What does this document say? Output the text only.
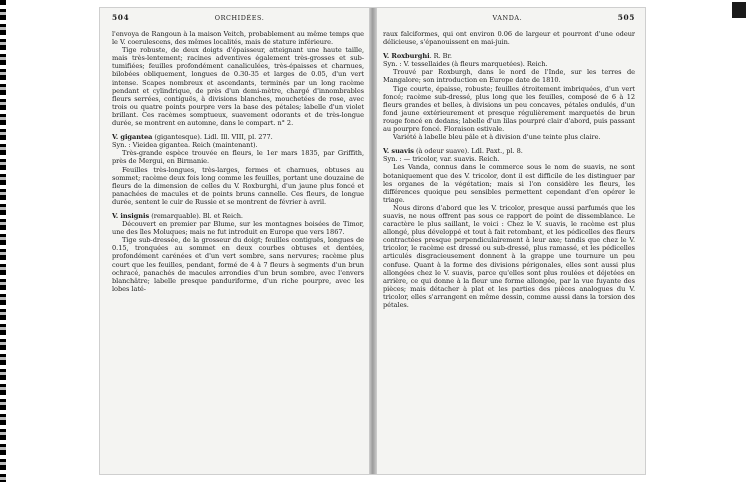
504	ORCHIDÉES.

l'envoya de Rangoun à la maison Veitch, probablement au même temps que le V. coerulescens, des mêmes localités, mais de stature inférieure.

Tige robuste, de deux doigts d'épaisseur, atteignant une haute taille, mais très-lentement; racines adventives également très-grosses et sub-tumifiées; feuilles profondément canaliculées, très-épaisses et charnues, bilobées obliquement, longues de 0.30-35 et larges de 0.05, d'un vert intense. Scapes nombreux et ascendants, terminés par un long racème pendant et cylindrique, de près d'un demi-mètre, chargé d'innombrables fleurs serrées, contiguës, à divisions blanches, mouchetées de rose, avec trois ou quatre points pourpre vers la base des pétales; labelle d'un violet brillant. Ces racèmes somptueux, suavement odorants et de très-longue durée, se montrent en automne, dans le compart. n° 2.

V. gigantea (gigantesque). Lidl. Ill. VIII, pl. 277.

Syn. : Vieidea gigantea. Reich (maintenant).

Très-grande espèce trouvée en fleurs, le 1er mars 1835, par Griffith, près de Mergui, en Birmanie.

Feuilles très-longues, très-larges, fermes et charnues, obtuses au sommet; racème deux fois long comme les feuilles, portant une douzaine de fleurs de la dimension de celles du V. Roxburghi, d'un jaune plus foncé et panachées de macules et de points bruns cannelle. Ces fleurs, de longue durée, sentent le cuir de Russie et se montrent de février à avril.

V. insignis (remarquable). Bl. et Reich.

Découvert en premier par Blume, sur les montagnes boisées de Timor, une des îles Moluques; mais ne fut introduit en Europe que vers 1867.

Tige sub-dressée, de la grosseur du doigt; feuilles contiguës, longues de 0.15, tronquées au sommet en deux courbes obtuses et dentées, profondément carénées et d'un vert sombre, sans nervures; racème plus court que les feuilles, pendant, formé de 4 à 7 fleurs à segments d'un brun ochracé, panachés de macules arrondies d'un brun sombre, avec l'envers blanchâtre; labelle presque panduriforme, d'un riche pourpre, avec les lobes laté-

VANDA.	505

raux falciformes, qui ont environ 0.06 de largeur et pourront d'une odeur délicieuse, s'épanouissent en mai-juin.

V. Roxburghi. R. Br.

Syn. : V. tessellaides (à fleurs marquetées). Reich.

Trouvé par Roxburgh, dans le nord de l'Inde, sur les terres de Mangalore; son introduction en Europe date de 1810.

Tige courte, épaisse, robuste; feuilles étroitement imbriquées, d'un vert foncé; racème sub-dressé, plus long que les feuilles, composé de 6 à 12 fleurs grandes et belles, à divisions un peu concaves, pétales ondulés, d'un fond jaune extérieurement et presque régulièrement marquetés de brun rouge foncé en dedans; labelle d'un lilas pourpré clair d'abord, puis passant au pourpre foncé. Floraison estivale.

Variété à labelle bleu pâle et à division d'une teinte plus claire.

V. suavis (à odeur suave). Ldl. Paxt., pl. 8.

Syn. : — tricolor, var. suavis. Reich.

Les Vanda, connus dans le commerce sous le nom de suavis, ne sont botaniquement que des V. tricolor, dont il est difficile de les distinguer par les organes de la végétation; mais si l'on considère les fleurs, les différences quoique peu sensibles permettent cependant d'en opérer le triage.

Nous dirons d'abord que les V. tricolor, presque aussi parfumés que les suavis, ne nous offrent pas sous ce rapport de point de dissemblance. Le caractère le plus saillant, le voici : Chez le V. suavis, le racème est plus allongé, plus développé et tout à fait retombant, et les pédicelles des fleurs contractées presque perpendiculairement à leur axe; tandis que chez le V. tricolor, le racème est dressé ou sub-dressé, plus ramassé, et les pédicelles articulés disgracieusement donnent à la grappe une tournure un peu confuse. Quant à la forme des divisions périgonales, elles sont aussi plus allongées chez le V. suavis, parce qu'elles sont plus roulées et déjetées en arrière, ce qui donne à la fleur une forme allongée, par la vue fuyante des pièces; mais détacher à plat et les parties des pièces analogues du V. tricolor, elles s'arrangent en même dessin, comme aussi dans la torsion des pétales.
